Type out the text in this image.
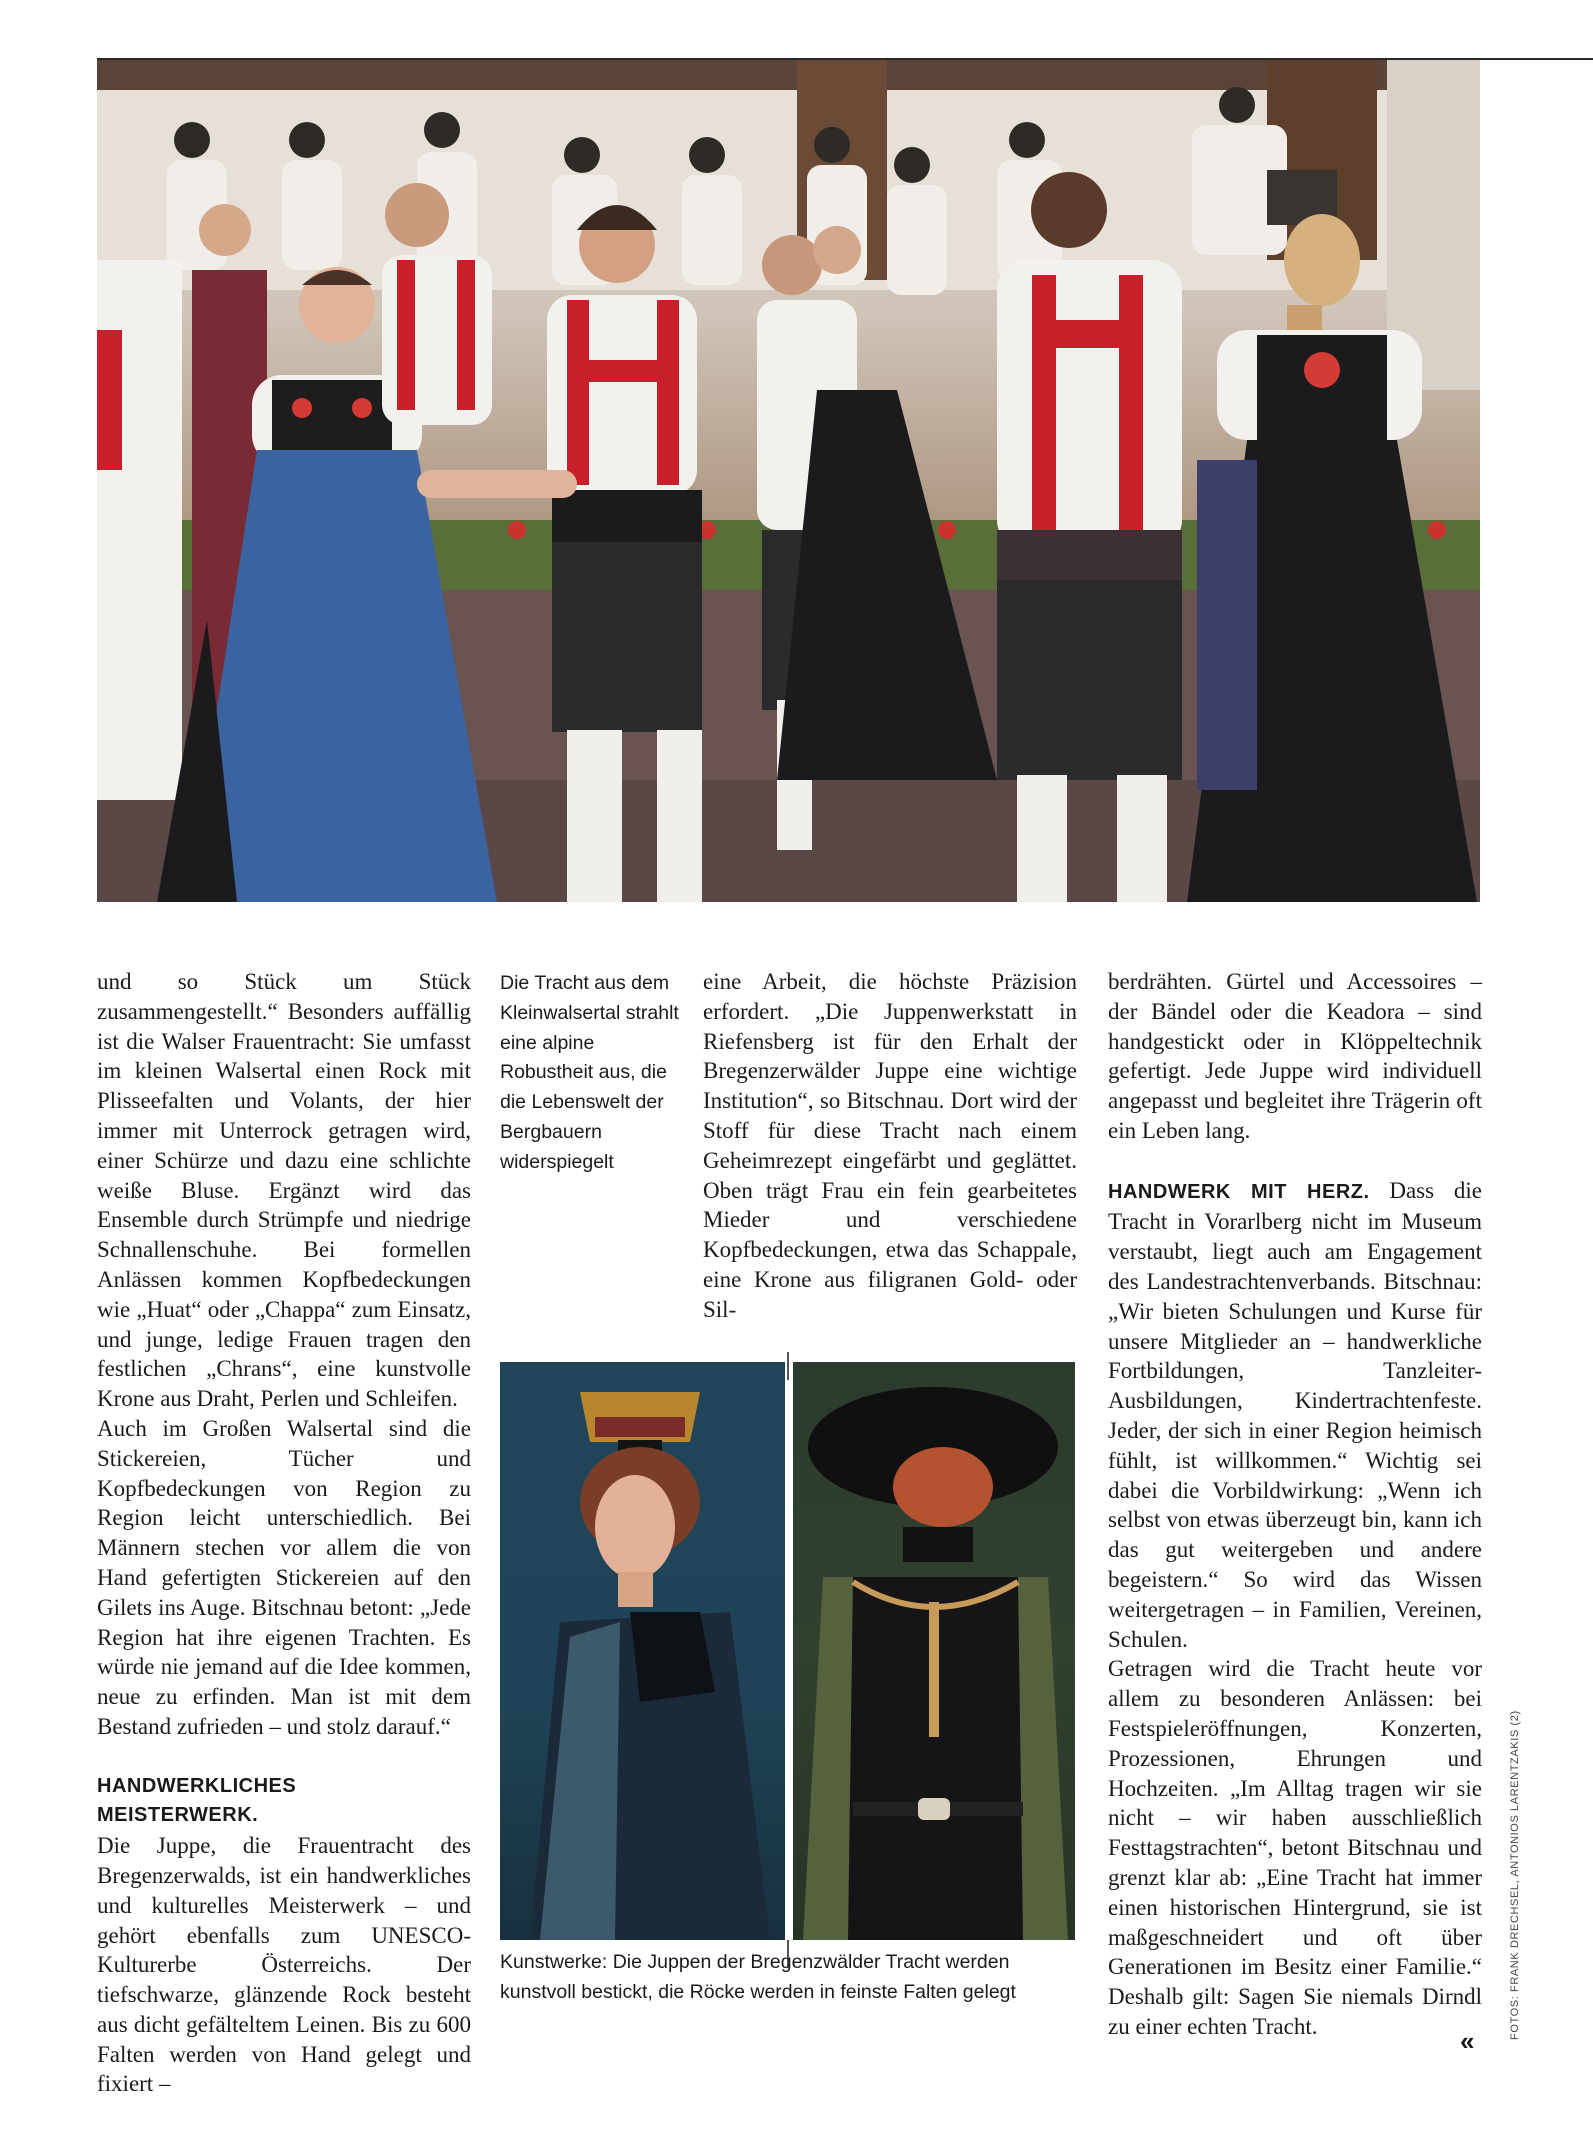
und so Stück um Stück zusammengestellt.“ Besonders auffällig ist die Walser Frauentracht: Sie umfasst im kleinen Walsertal einen Rock mit Plisseefalten und Volants, der hier immer mit Unterrock getragen wird, einer Schürze und dazu eine schlichte weiße Bluse. Ergänzt wird das Ensemble durch Strümpfe und niedrige Schnallenschuhe. Bei formellen Anlässen kommen Kopfbedeckungen wie „Huat“ oder „Chappa“ zum Einsatz, und junge, ledige Frauen tragen den festlichen „Chrans“, eine kunstvolle Krone aus Draht, Perlen und Schleifen.

Auch im Großen Walsertal sind die Stickereien, Tücher und Kopfbedeckungen von Region zu Region leicht unterschiedlich. Bei Männern stechen vor allem die von Hand gefertigten Stickereien auf den Gilets ins Auge. Bitschnau betont: „Jede Region hat ihre eigenen Trachten. Es würde nie jemand auf die Idee kommen, neue zu erfinden. Man ist mit dem Bestand zufrieden – und stolz darauf.“

HANDWERKLICHES MEISTERWERK.

Die Juppe, die Frauentracht des Bregenzerwalds, ist ein handwerkliches und kulturelles Meisterwerk – und gehört ebenfalls zum UNESCO-Kulturerbe Österreichs. Der tiefschwarze, glänzende Rock besteht aus dicht gefälteltem Leinen. Bis zu 600 Falten werden von Hand gelegt und fixiert –

Die Tracht aus dem Kleinwalsertal strahlt eine alpine Robustheit aus, die die Lebenswelt der Bergbauern widerspiegelt

eine Arbeit, die höchste Präzision erfordert. „Die Juppenwerkstatt in Riefensberg ist für den Erhalt der Bregenzerwälder Juppe eine wichtige Institution“, so Bitschnau. Dort wird der Stoff für diese Tracht nach einem Geheimrezept eingefärbt und geglättet. Oben trägt Frau ein fein gearbeitetes Mieder und verschiedene Kopfbedeckungen, etwa das Schappale, eine Krone aus filigranen Gold- oder Sil-

berdrähten. Gürtel und Accessoires – der Bändel oder die Keadora – sind handgestickt oder in Klöppeltechnik gefertigt. Jede Juppe wird individuell angepasst und begleitet ihre Trägerin oft ein Leben lang.

HANDWERK MIT HERZ. Dass die Tracht in Vorarlberg nicht im Museum verstaubt, liegt auch am Engagement des Landestrachtenverbands. Bitschnau: „Wir bieten Schulungen und Kurse für unsere Mitglieder an – handwerkliche Fortbildungen, Tanzleiter-Ausbildungen, Kindertrachtenfeste. Jeder, der sich in einer Region heimisch fühlt, ist willkommen.“ Wichtig sei dabei die Vorbildwirkung: „Wenn ich selbst von etwas überzeugt bin, kann ich das gut weitergeben und andere begeistern.“ So wird das Wissen weitergetragen – in Familien, Vereinen, Schulen.

Getragen wird die Tracht heute vor allem zu besonderen Anlässen: bei Festspieleröffnungen, Konzerten, Prozessionen, Ehrungen und Hochzeiten. „Im Alltag tragen wir sie nicht – wir haben ausschließlich Festtagstrachten“, betont Bitschnau und grenzt klar ab: „Eine Tracht hat immer einen historischen Hintergrund, sie ist maßgeschneidert und oft über Generationen im Besitz einer Familie.“ Deshalb gilt: Sagen Sie niemals Dirndl zu einer echten Tracht.

Kunstwerke: Die Juppen der Bregenzwälder Tracht werden kunstvoll bestickt, die Röcke werden in feinste Falten gelegt	FOTOS: FRANK DRECHSEL, ANTONIOS LARENTZAKIS (2)
«
